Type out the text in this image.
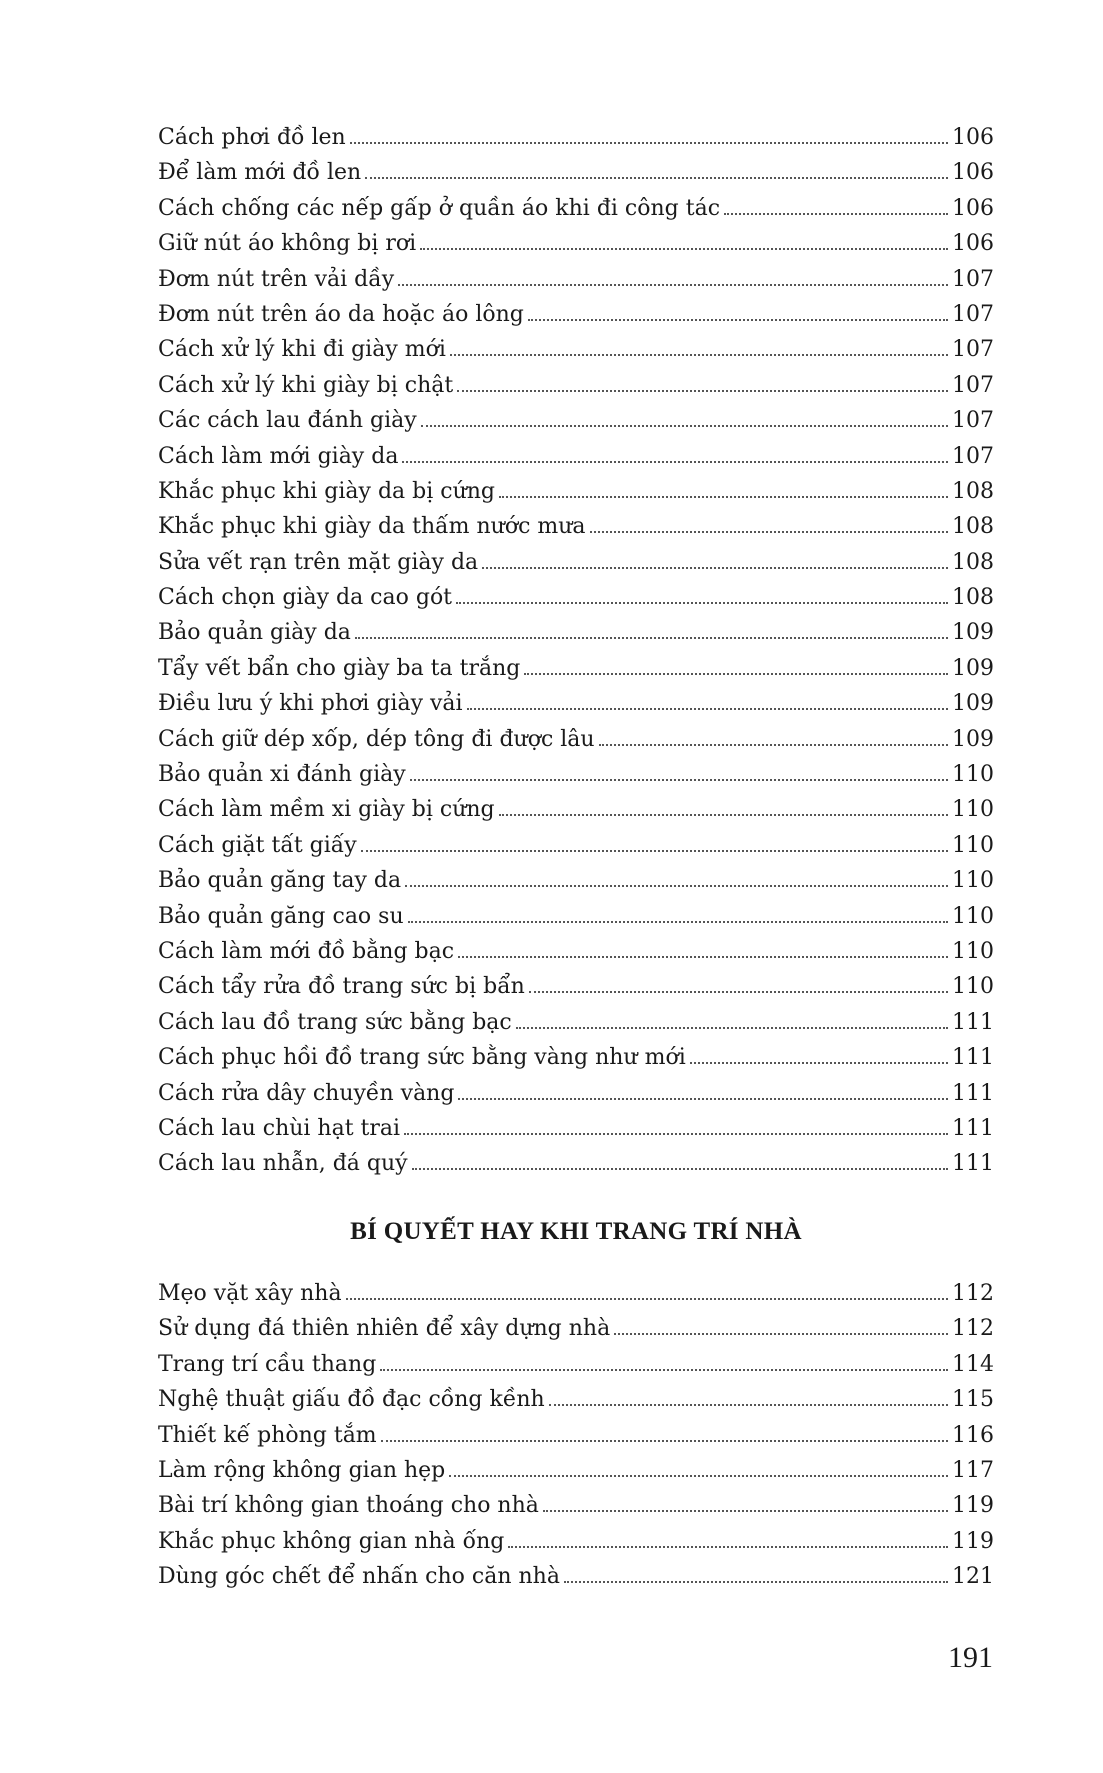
Cách phơi đồ len	106
Để làm mới đồ len	106
Cách chống các nếp gấp ở quần áo khi đi công tác	106
Giữ nút áo không bị rơi	106
Đơm nút trên vải dầy	107
Đơm nút trên áo da hoặc áo lông	107
Cách xử lý khi đi giày mới	107
Cách xử lý khi giày bị chật	107
Các cách lau đánh giày	107
Cách làm mới giày da	107
Khắc phục khi giày da bị cứng	108
Khắc phục khi giày da thấm nước mưa	108
Sửa vết rạn trên mặt giày da	108
Cách chọn giày da cao gót	108
Bảo quản giày da	109
Tẩy vết bẩn cho giày ba ta trắng	109
Điều lưu ý khi phơi giày vải	109
Cách giữ dép xốp, dép tông đi được lâu	109
Bảo quản xi đánh giày	110
Cách làm mềm xi giày bị cứng	110
Cách giặt tất giấy	110
Bảo quản găng tay da	110
Bảo quản găng cao su	110
Cách làm mới đồ bằng bạc	110
Cách tẩy rửa đồ trang sức bị bẩn	110
Cách lau đồ trang sức bằng bạc	111
Cách phục hồi đồ trang sức bằng vàng như mới	111
Cách rửa dây chuyền vàng	111
Cách lau chùi hạt trai	111
Cách lau nhẫn, đá quý	111
BÍ QUYẾT HAY KHI TRANG TRÍ NHÀ
Mẹo vặt xây nhà	112
Sử dụng đá thiên nhiên để xây dựng nhà	112
Trang trí cầu thang	114
Nghệ thuật giấu đồ đạc cồng kềnh	115
Thiết kế phòng tắm	116
Làm rộng không gian hẹp	117
Bài trí không gian thoáng cho nhà	119
Khắc phục không gian nhà ống	119
Dùng góc chết để nhấn cho căn nhà	121
191
